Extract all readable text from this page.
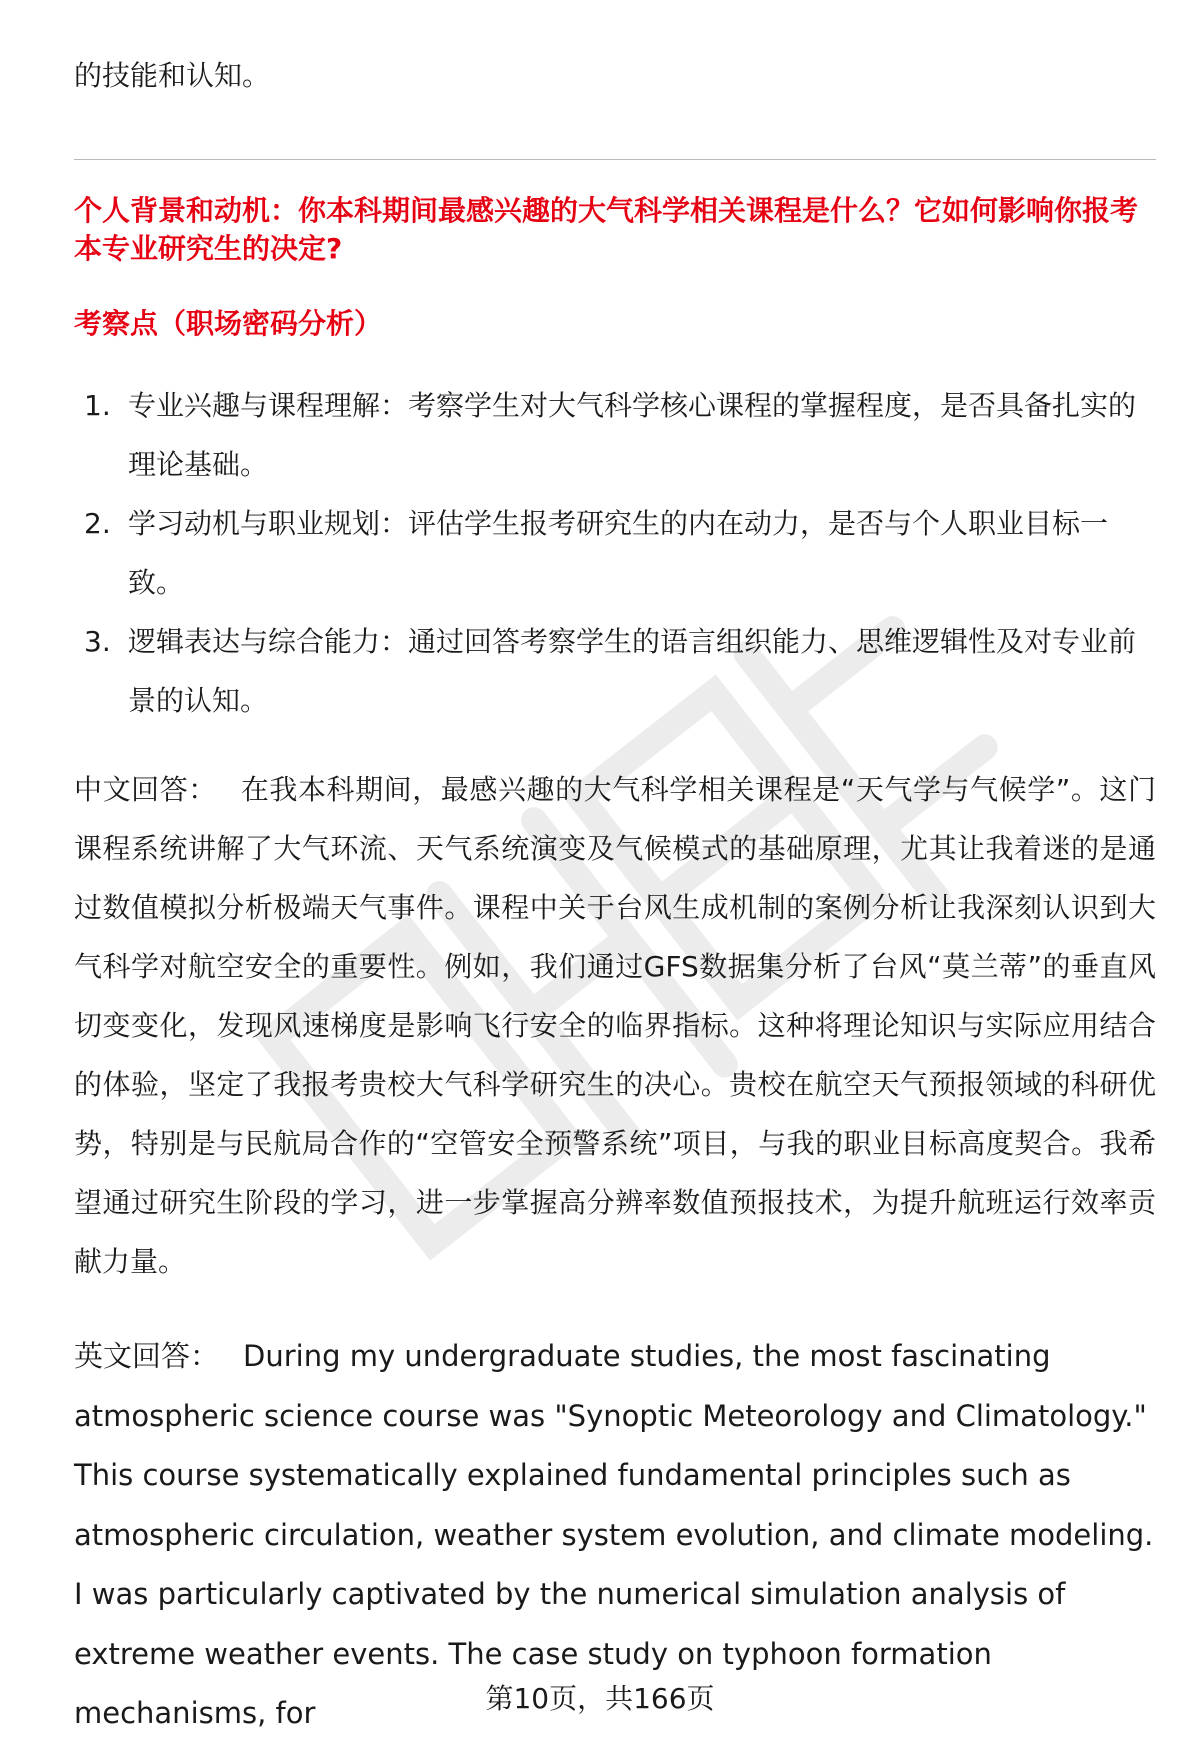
的技能和认知。
个人背景和动机：你本科期间最感兴趣的大气科学相关课程是什么？它如何影响你报考本专业研究生的决定?
考察点（职场密码分析）
1. 专业兴趣与课程理解：考察学生对大气科学核心课程的掌握程度，是否具备扎实的理论基础。
2. 学习动机与职业规划：评估学生报考研究生的内在动力，是否与个人职业目标一致。
3. 逻辑表达与综合能力：通过回答考察学生的语言组织能力、思维逻辑性及对专业前景的认知。

中文回答： 在我本科期间，最感兴趣的大气科学相关课程是“天气学与气候学”。这门课程系统讲解了大气环流、天气系统演变及气候模式的基础原理，尤其让我着迷的是通过数值模拟分析极端天气事件。课程中关于台风生成机制的案例分析让我深刻认识到大气科学对航空安全的重要性。例如，我们通过GFS数据集分析了台风“莫兰蒂”的垂直风切变变化，发现风速梯度是影响飞行安全的临界指标。这种将理论知识与实际应用结合的体验，坚定了我报考贵校大气科学研究生的决心。贵校在航空天气预报领域的科研优势，特别是与民航局合作的“空管安全预警系统”项目，与我的职业目标高度契合。我希望通过研究生阶段的学习，进一步掌握高分辨率数值预报技术，为提升航班运行效率贡献力量。

英文回答： During my undergraduate studies, the most fascinating atmospheric science course was "Synoptic Meteorology and Climatology." This course systematically explained fundamental principles such as atmospheric circulation, weather system evolution, and climate modeling. I was particularly captivated by the numerical simulation analysis of extreme weather events. The case study on typhoon formation mechanisms, for	第10页，共166页
